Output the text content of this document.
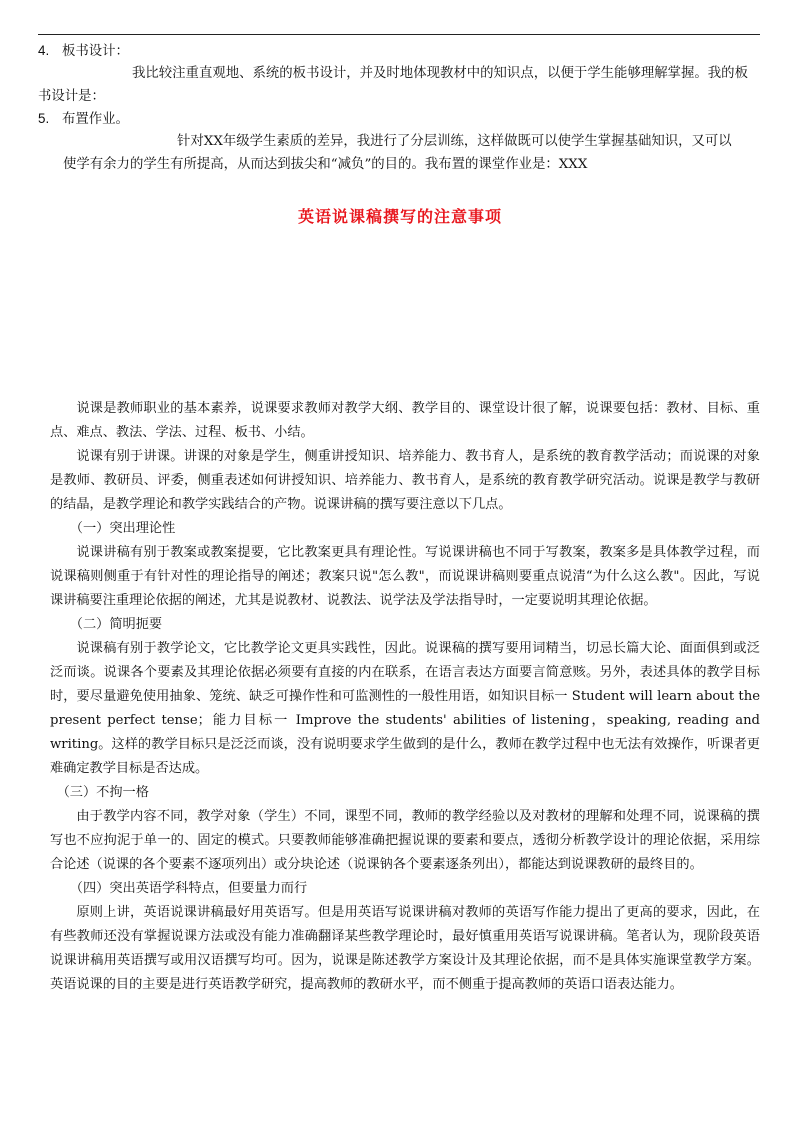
4. 板书设计：
我比较注重直观地、系统的板书设计，并及时地体现教材中的知识点，以便于学生能够理解掌握。我的板
书设计是：
5. 布置作业。
针对XX年级学生素质的差异，我进行了分层训练，这样做既可以使学生掌握基础知识，又可以
使学有余力的学生有所提高，从而达到拔尖和“减负”的目的。我布置的课堂作业是：XXX
英语说课稿撰写的注意事项

说课是教师职业的基本素养，说课要求教师对教学大纲、教学目的、课堂设计很了解，说课要包括：教材、目标、重点、难点、教法、学法、过程、板书、小结。

说课有别于讲课。讲课的对象是学生，侧重讲授知识、培养能力、教书育人，是系统的教育教学活动；而说课的对象是教师、教研员、评委，侧重表述如何讲授知识、培养能力、教书育人，是系统的教育教学研究活动。说课是教学与教研的结晶，是教学理论和教学实践结合的产物。说课讲稿的撰写要注意以下几点。

（一）突出理论性

说课讲稿有别于教案或教案提要，它比教案更具有理论性。写说课讲稿也不同于写教案，教案多是具体教学过程，而说课稿则侧重于有针对性的理论指导的阐述；教案只说"怎么教"，而说课讲稿则要重点说清“为什么这么教"。因此，写说课讲稿要注重理论依据的阐述，尤其是说教材、说教法、说学法及学法指导时，一定要说明其理论依据。

（二）简明扼要

说课稿有别于教学论文，它比教学论文更具实践性，因此。说课稿的撰写要用词精当，切忌长篇大论、面面俱到或泛泛而谈。说课各个要素及其理论依据必须要有直接的内在联系，在语言表达方面要言简意赅。另外，表述具体的教学目标时，要尽量避免使用抽象、笼统、缺乏可操作性和可监测性的一般性用语，如知识目标一 Student will learn about the present perfect tense；能力目标一 Improve the students' abilities of listening，speaking, reading and writing。这样的教学目标只是泛泛而谈，没有说明要求学生做到的是什么，教师在教学过程中也无法有效操作，听课者更难确定教学目标是否达成。

（三）不拘一格

由于教学内容不同，教学对象（学生）不同，课型不同，教师的教学经验以及对教材的理解和处理不同，说课稿的撰写也不应拘泥于单一的、固定的模式。只要教师能够准确把握说课的要素和要点，透彻分析教学设计的理论依据，采用综合论述（说课的各个要素不逐项列出）或分块论述（说课钠各个要素逐条列出），都能达到说课教研的最终目的。

（四）突出英语学科特点，但要量力而行

原则上讲，英语说课讲稿最好用英语写。但是用英语写说课讲稿对教师的英语写作能力提出了更高的要求，因此，在有些教师还没有掌握说课方法或没有能力准确翻译某些教学理论时，最好慎重用英语写说课讲稿。笔者认为，现阶段英语说课讲稿用英语撰写或用汉语撰写均可。因为，说课是陈述教学方案设计及其理论依据，而不是具体实施课堂教学方案。英语说课的目的主要是进行英语教学研究，提高教师的教研水平，而不侧重于提高教师的英语口语表达能力。
